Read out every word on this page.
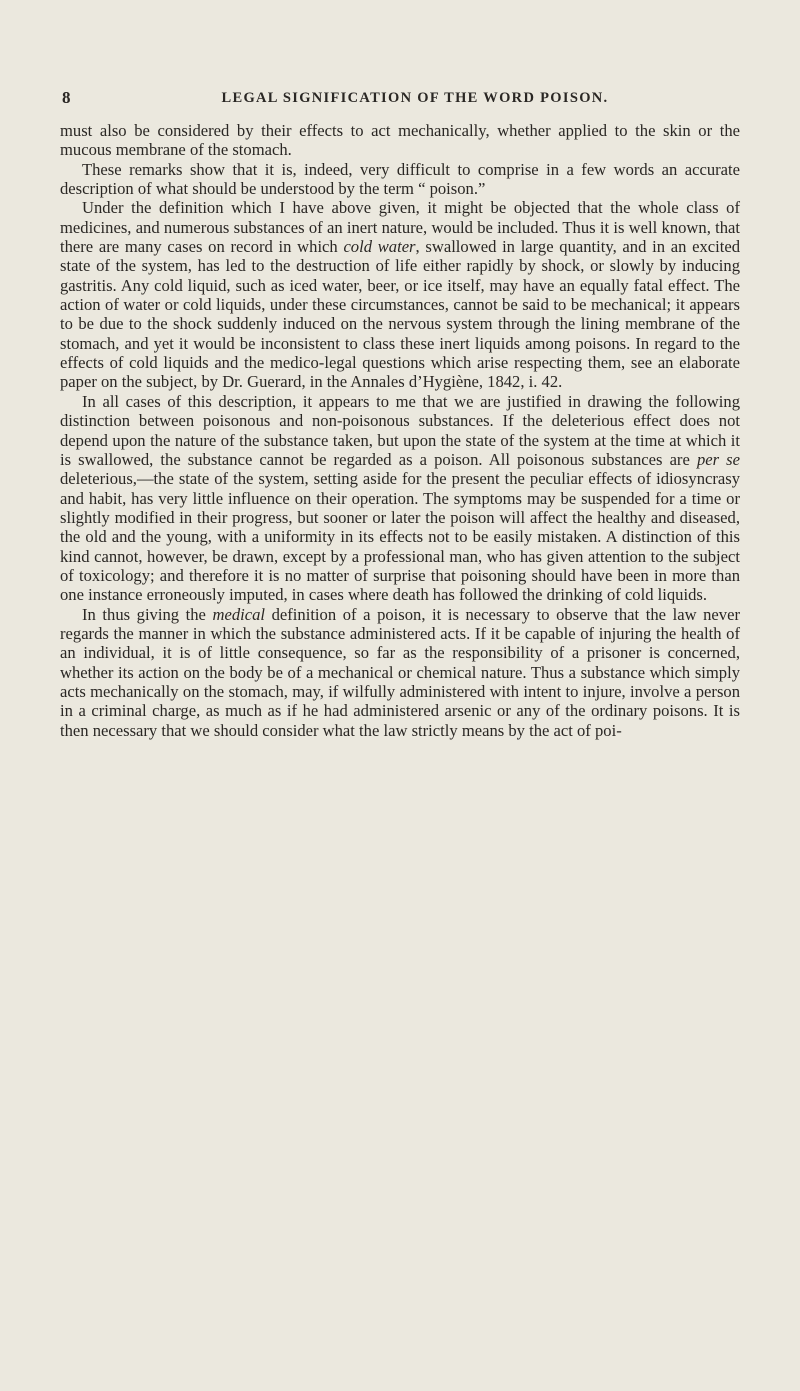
8	LEGAL SIGNIFICATION OF THE WORD POISON.

must also be considered by their effects to act mechanically, whether applied to the skin or the mucous membrane of the stomach.

These remarks show that it is, indeed, very difficult to comprise in a few words an accurate description of what should be understood by the term “ poison.”

Under the definition which I have above given, it might be objected that the whole class of medicines, and numerous substances of an inert nature, would be included. Thus it is well known, that there are many cases on record in which cold water, swallowed in large quantity, and in an excited state of the system, has led to the destruction of life either rapidly by shock, or slowly by inducing gastritis. Any cold liquid, such as iced water, beer, or ice itself, may have an equally fatal effect. The action of water or cold liquids, under these circumstances, cannot be said to be mechanical; it appears to be due to the shock suddenly induced on the nervous system through the lining membrane of the stomach, and yet it would be inconsistent to class these inert liquids among poisons. In regard to the effects of cold liquids and the medico-legal questions which arise respecting them, see an elaborate paper on the subject, by Dr. Guerard, in the Annales d’Hygiène, 1842, i. 42.

In all cases of this description, it appears to me that we are justified in drawing the following distinction between poisonous and non-poisonous substances. If the deleterious effect does not depend upon the nature of the substance taken, but upon the state of the system at the time at which it is swallowed, the substance cannot be regarded as a poison. All poisonous substances are per se deleterious,—the state of the system, setting aside for the present the peculiar effects of idiosyncrasy and habit, has very little influence on their operation. The symptoms may be suspended for a time or slightly modified in their progress, but sooner or later the poison will affect the healthy and diseased, the old and the young, with a uniformity in its effects not to be easily mistaken. A distinction of this kind cannot, however, be drawn, except by a professional man, who has given attention to the subject of toxicology; and therefore it is no matter of surprise that poisoning should have been in more than one instance erroneously imputed, in cases where death has followed the drinking of cold liquids.

In thus giving the medical definition of a poison, it is necessary to observe that the law never regards the manner in which the substance administered acts. If it be capable of injuring the health of an individual, it is of little consequence, so far as the responsibility of a prisoner is concerned, whether its action on the body be of a mechanical or chemical nature. Thus a substance which simply acts mechanically on the stomach, may, if wilfully administered with intent to injure, involve a person in a criminal charge, as much as if he had administered arsenic or any of the ordinary poisons. It is then necessary that we should consider what the law strictly means by the act of poi-
